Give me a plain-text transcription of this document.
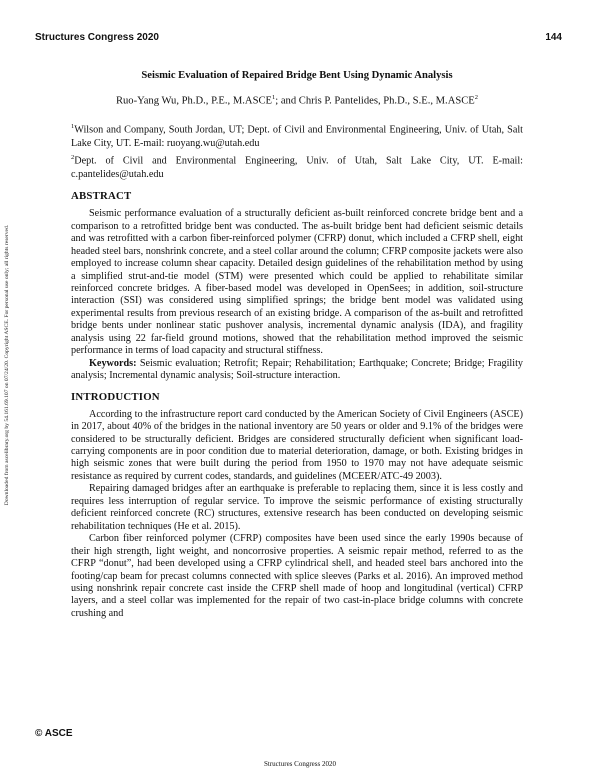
Structures Congress 2020	144
Downloaded from ascelibrary.org by 54.161.69.107 on 07/24/20. Copyright ASCE. For personal use only; all rights reserved.
Seismic Evaluation of Repaired Bridge Bent Using Dynamic Analysis
Ruo-Yang Wu, Ph.D., P.E., M.ASCE$^1$; and Chris P. Pantelides, Ph.D., S.E., M.ASCE$^2$

$^1$Wilson and Company, South Jordan, UT; Dept. of Civil and Environmental Engineering, Univ. of Utah, Salt Lake City, UT. E-mail: ruoyang.wu@utah.edu

$^2$Dept. of Civil and Environmental Engineering, Univ. of Utah, Salt Lake City, UT. E-mail: c.pantelides@utah.edu

ABSTRACT

Seismic performance evaluation of a structurally deficient as-built reinforced concrete bridge bent and a comparison to a retrofitted bridge bent was conducted. The as-built bridge bent had deficient seismic details and was retrofitted with a carbon fiber-reinforced polymer (CFRP) donut, which included a CFRP shell, eight headed steel bars, nonshrink concrete, and a steel collar around the column; CFRP composite jackets were also employed to increase column shear capacity. Detailed design guidelines of the rehabilitation method by using a simplified strut-and-tie model (STM) were presented which could be applied to rehabilitate similar reinforced concrete bridges. A fiber-based model was developed in OpenSees; in addition, soil-structure interaction (SSI) was considered using simplified springs; the bridge bent model was validated using experimental results from previous research of an existing bridge. A comparison of the as-built and retrofitted bridge bents under nonlinear static pushover analysis, incremental dynamic analysis (IDA), and fragility analysis using 22 far-field ground motions, showed that the rehabilitation method improved the seismic performance in terms of load capacity and structural stiffness.

Keywords: Seismic evaluation; Retrofit; Repair; Rehabilitation; Earthquake; Concrete; Bridge; Fragility analysis; Incremental dynamic analysis; Soil-structure interaction.

INTRODUCTION

According to the infrastructure report card conducted by the American Society of Civil Engineers (ASCE) in 2017, about 40% of the bridges in the national inventory are 50 years or older and 9.1% of the bridges were considered to be structurally deficient. Bridges are considered structurally deficient when significant load-carrying components are in poor condition due to material deterioration, damage, or both. Existing bridges in high seismic zones that were built during the period from 1950 to 1970 may not have adequate seismic resistance as required by current codes, standards, and guidelines (MCEER/ATC-49 2003).

Repairing damaged bridges after an earthquake is preferable to replacing them, since it is less costly and requires less interruption of regular service. To improve the seismic performance of existing structurally deficient reinforced concrete (RC) structures, extensive research has been conducted on developing seismic rehabilitation techniques (He et al. 2015).

Carbon fiber reinforced polymer (CFRP) composites have been used since the early 1990s because of their high strength, light weight, and noncorrosive properties. A seismic repair method, referred to as the CFRP “donut”, had been developed using a CFRP cylindrical shell, and headed steel bars anchored into the footing/cap beam for precast columns connected with splice sleeves (Parks et al. 2016). An improved method using nonshrink repair concrete cast inside the CFRP shell made of hoop and longitudinal (vertical) CFRP layers, and a steel collar was implemented for the repair of two cast-in-place bridge columns with concrete crushing and

© ASCE
Structures Congress 2020
